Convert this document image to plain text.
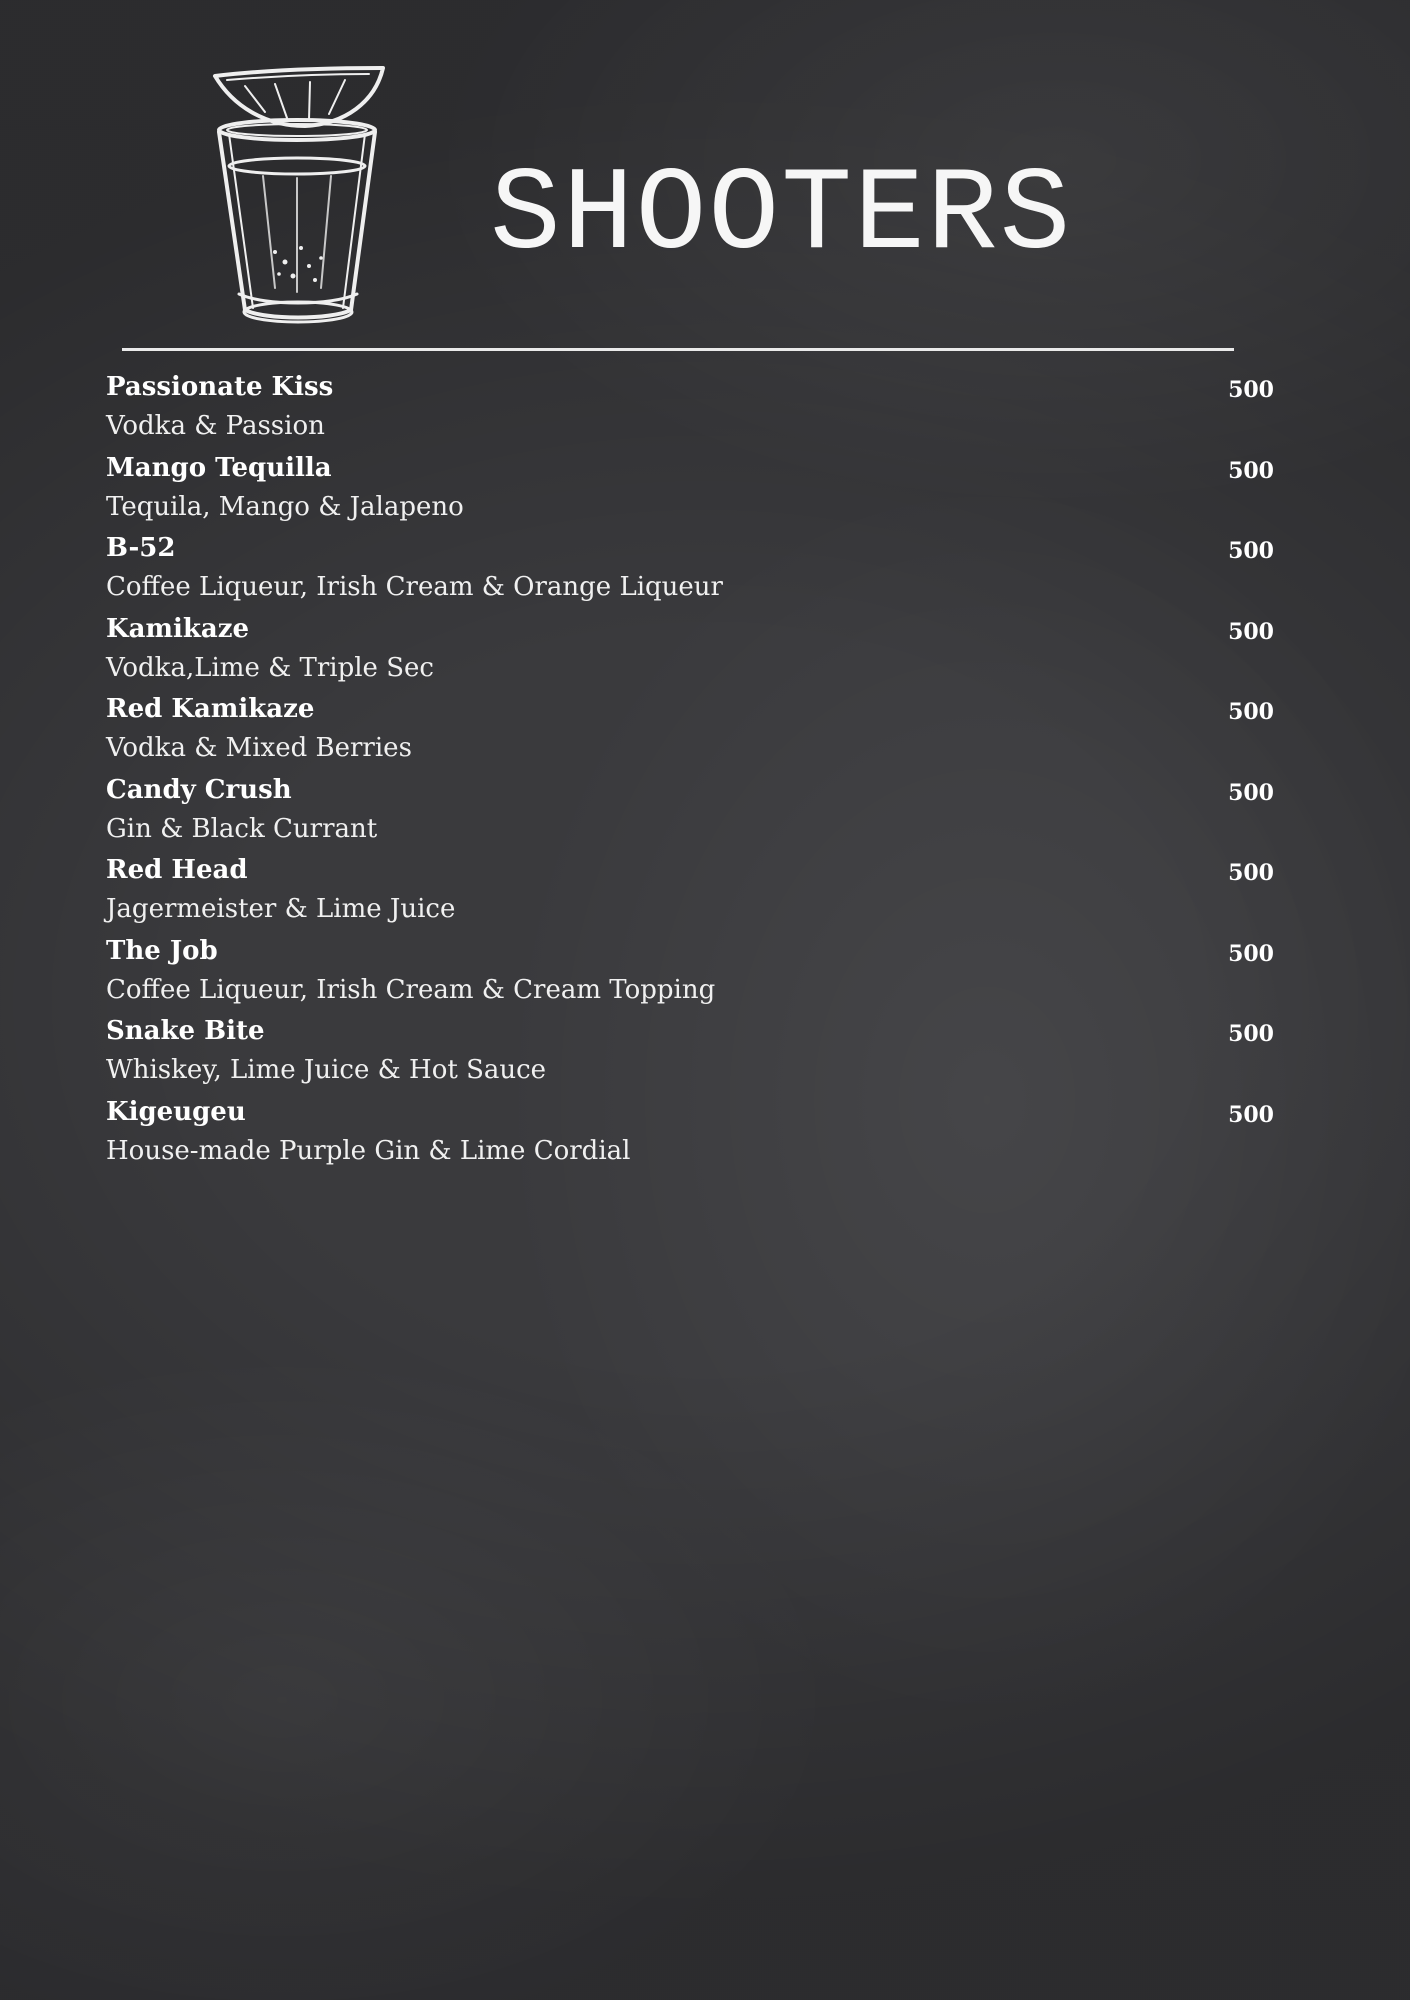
SHOOTERS
Passionate Kiss
Vodka & Passion
500
Mango Tequilla
Tequila, Mango & Jalapeno
500
B-52
Coffee Liqueur, Irish Cream & Orange Liqueur
500
Kamikaze
Vodka,Lime & Triple Sec
500
Red Kamikaze
Vodka & Mixed Berries
500
Candy Crush
Gin & Black Currant
500
Red Head
Jagermeister & Lime Juice
500
The Job
Coffee Liqueur, Irish Cream & Cream Topping
500
Snake Bite
Whiskey, Lime Juice & Hot Sauce
500
Kigeugeu
House-made Purple Gin & Lime Cordial
500
